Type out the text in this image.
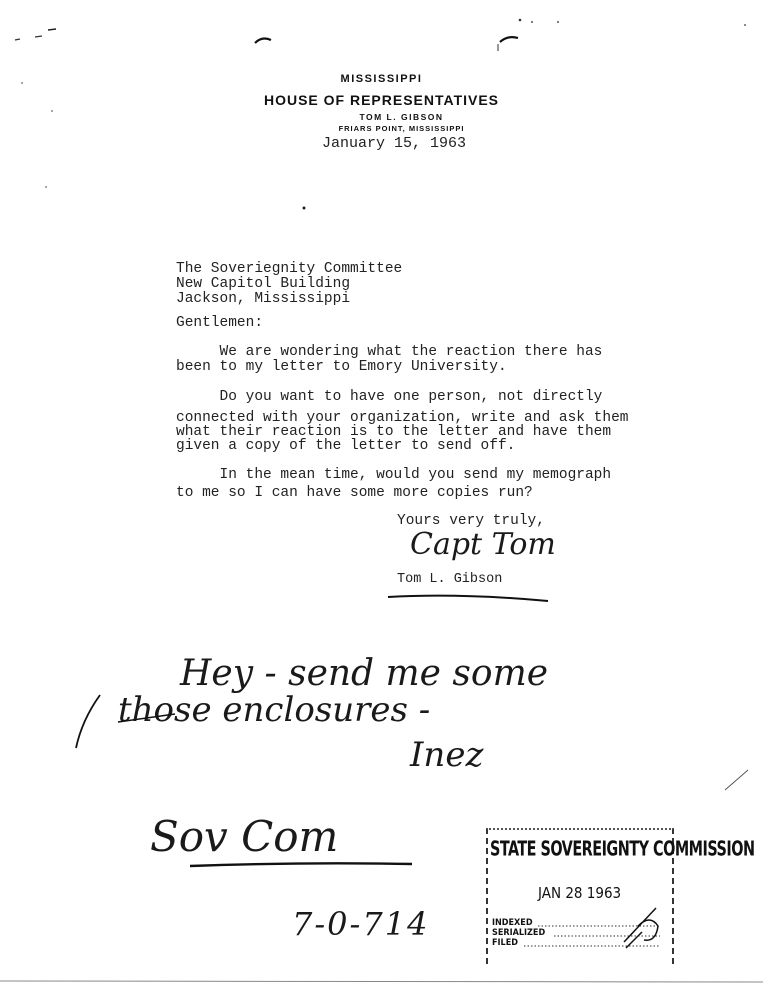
MISSISSIPPI
HOUSE OF REPRESENTATIVES
TOM L. GIBSON
FRIARS POINT, MISSISSIPPI
January 15, 1963
The Soveriegnity Committee
New Capitol Building
Jackson, Mississippi
Gentlemen:
We are wondering what the reaction there has
been to my letter to Emory University.
Do you want to have one person, not directly
connected with your organization, write and ask them
what their reaction is to the letter and have them
given a copy of the letter to send off.
In the mean time, would you send my memograph
to me so I can have some more copies run?
Yours very truly,
Capt Tom
Tom L. Gibson
Hey - send me some
those enclosures -
Inez
Sov Com
7-0-714
STATE SOVEREIGNTY COMMISSION
JAN 28 1963
INDEXED
SERIALIZED
FILED
